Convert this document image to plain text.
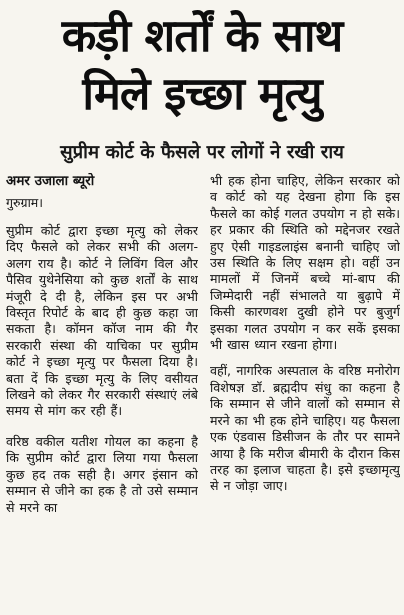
कड़ी शर्तों के साथ
मिले इच्छा मृत्यु
सुप्रीम कोर्ट के फैसले पर लोगों ने रखी राय

अमर उजाला ब्यूरो

गुरुग्राम।

सुप्रीम कोर्ट द्वारा इच्छा मृत्यु को लेकर दिए फैसले को लेकर सभी की अलग-अलग राय है। कोर्ट ने लिविंग विल और पैसिव युथेनेसिया को कुछ शर्तों के साथ मंजूरी दे दी है, लेकिन इस पर अभी विस्तृत रिपोर्ट के बाद ही कुछ कहा जा सकता है। कॉमन कॉज नाम की गैर सरकारी संस्था की याचिका पर सुप्रीम कोर्ट ने इच्छा मृत्यु पर फैसला दिया है। बता दें कि इच्छा मृत्यु के लिए वसीयत लिखने को लेकर गैर सरकारी संस्थाएं लंबे समय से मांग कर रही हैं।

वरिष्ठ वकील यतीश गोयल का कहना है कि सुप्रीम कोर्ट द्वारा लिया गया फैसला कुछ हद तक सही है। अगर इंसान को सम्मान से जीने का हक है तो उसे सम्मान से मरने का

भी हक होना चाहिए, लेकिन सरकार को व कोर्ट को यह देखना होगा कि इस फैसले का कोई गलत उपयोग न हो सके। हर प्रकार की स्थिति को मद्देनजर रखते हुए ऐसी गाइडलाइंस बनानी चाहिए जो उस स्थिति के लिए सक्षम हो। वहीं उन मामलों में जिनमें बच्चे मां-बाप की जिम्मेदारी नहीं संभालते या बुढ़ापे में किसी कारणवश दुखी होने पर बुजुर्ग इसका गलत उपयोग न कर सकें इसका भी खास ध्यान रखना होगा।

वहीं, नागरिक अस्पताल के वरिष्ठ मनोरोग विशेषज्ञ डॉ. ब्रह्मदीप संधु का कहना है कि सम्मान से जीने वालों को सम्मान से मरने का भी हक होने चाहिए। यह फैसला एक एंडवास डिसीजन के तौर पर सामने आया है कि मरीज बीमारी के दौरान किस तरह का इलाज चाहता है। इसे इच्छामृत्यु से न जोड़ा जाए।
